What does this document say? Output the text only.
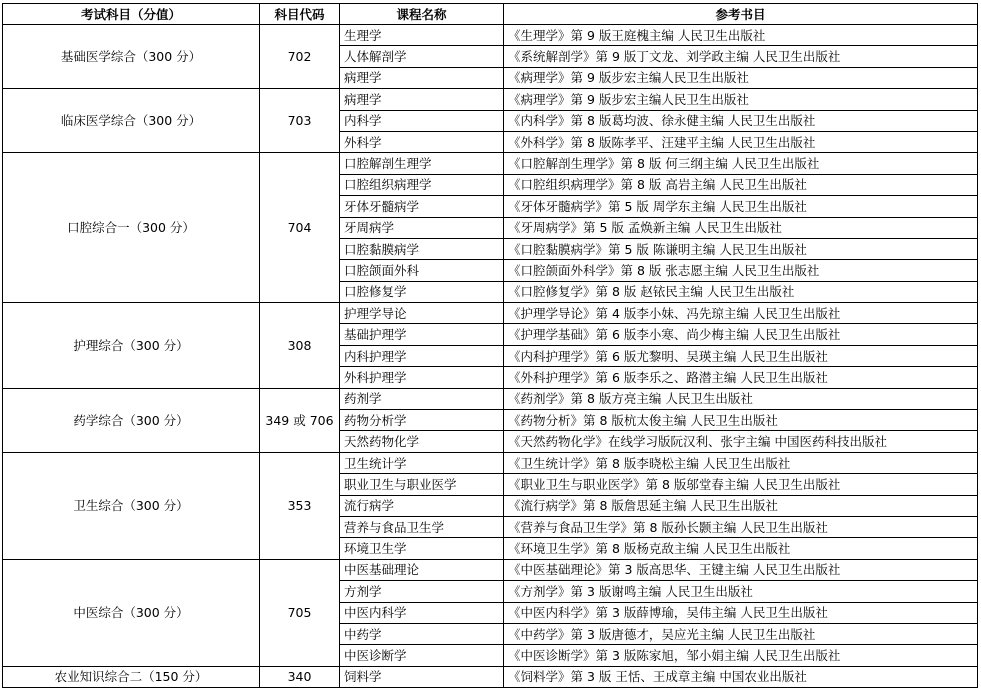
考试科目（分值）	科目代码	课程名称	参考书目
基础医学综合（300 分）	702	生理学	《生理学》第 9 版王庭槐主编 人民卫生出版社
		人体解剖学	《系统解剖学》第 9 版丁文龙、刘学政主编 人民卫生出版社
		病理学	《病理学》第 9 版步宏主编人民卫生出版社
临床医学综合（300 分）	703	病理学	《病理学》第 9 版步宏主编人民卫生出版社
		内科学	《内科学》第 8 版葛均波、徐永健主编 人民卫生出版社
		外科学	《外科学》第 8 版陈孝平、汪建平主编 人民卫生出版社
口腔综合一（300 分）	704	口腔解剖生理学	《口腔解剖生理学》第 8 版 何三纲主编 人民卫生出版社
		口腔组织病理学	《口腔组织病理学》第 8 版 高岩主编 人民卫生出版社
		牙体牙髓病学	《牙体牙髓病学》第 5 版 周学东主编 人民卫生出版社
		牙周病学	《牙周病学》第 5 版 孟焕新主编 人民卫生出版社
		口腔黏膜病学	《口腔黏膜病学》第 5 版 陈谦明主编 人民卫生出版社
		口腔颌面外科	《口腔颌面外科学》第 8 版 张志愿主编 人民卫生出版社
		口腔修复学	《口腔修复学》第 8 版 赵铱民主编 人民卫生出版社
护理综合（300 分）	308	护理学导论	《护理学导论》第 4 版李小妹、冯先琼主编 人民卫生出版社
		基础护理学	《护理学基础》第 6 版李小寒、尚少梅主编 人民卫生出版社
		内科护理学	《内科护理学》第 6 版尤黎明、吴瑛主编 人民卫生出版社
		外科护理学	《外科护理学》第 6 版李乐之、路潜主编 人民卫生出版社
药学综合（300 分）	349 或 706	药剂学	《药剂学》第 8 版方亮主编 人民卫生出版社
		药物分析学	《药物分析》第 8 版杭太俊主编 人民卫生出版社
		天然药物化学	《天然药物化学》在线学习版阮汉利、张宇主编 中国医药科技出版社
卫生综合（300 分）	353	卫生统计学	《卫生统计学》第 8 版李晓松主编 人民卫生出版社
		职业卫生与职业医学	《职业卫生与职业医学》第 8 版邬堂春主编 人民卫生出版社
		流行病学	《流行病学》第 8 版詹思延主编 人民卫生出版社
		营养与食品卫生学	《营养与食品卫生学》第 8 版孙长颢主编 人民卫生出版社
		环境卫生学	《环境卫生学》第 8 版杨克敌主编 人民卫生出版社
中医综合（300 分）	705	中医基础理论	《中医基础理论》第 3 版高思华、王键主编 人民卫生出版社
		方剂学	《方剂学》第 3 版谢鸣主编 人民卫生出版社
		中医内科学	《中医内科学》第 3 版薛博瑜，吴伟主编 人民卫生出版社
		中药学	《中药学》第 3 版唐德才，吴应光主编 人民卫生出版社
		中医诊断学	《中医诊断学》第 3 版陈家旭，邹小娟主编 人民卫生出版社
农业知识综合二（150 分）	340	饲料学	《饲料学》第 3 版 王恬、王成章主编 中国农业出版社
